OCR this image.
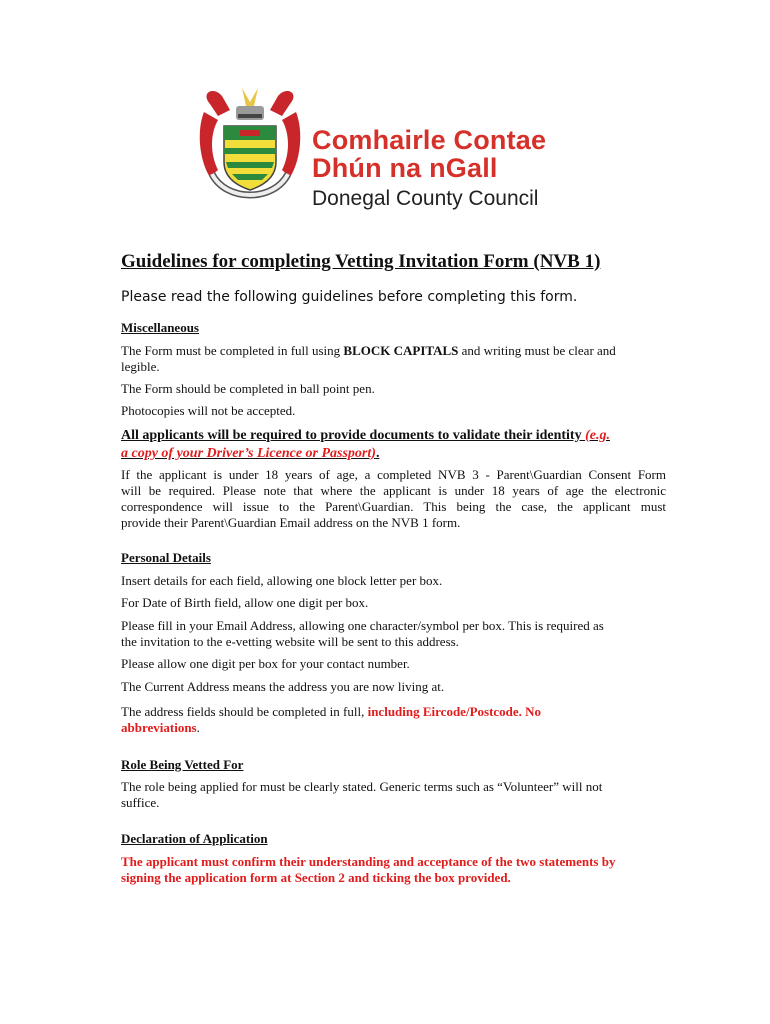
Comhairle Contae
Dhún na nGall
Donegal County Council
Guidelines for completing Vetting Invitation Form (NVB 1)
Please read the following guidelines before completing this form.
Miscellaneous
The Form must be completed in full using BLOCK CAPITALS and writing must be clear and
legible.
The Form should be completed in ball point pen.
Photocopies will not be accepted.
All applicants will be required to provide documents to validate their identity (e.g.
a copy of your Driver’s Licence or Passport).
If the applicant is under 18 years of age, a completed NVB 3 - Parent\Guardian Consent Form
will be required. Please note that where the applicant is under 18 years of age the electronic
correspondence will issue to the Parent\Guardian. This being the case, the applicant must
provide their Parent\Guardian Email address on the NVB 1 form.
Personal Details
Insert details for each field, allowing one block letter per box.
For Date of Birth field, allow one digit per box.
Please fill in your Email Address, allowing one character/symbol per box. This is required as
the invitation to the e-vetting website will be sent to this address.
Please allow one digit per box for your contact number.
The Current Address means the address you are now living at.
The address fields should be completed in full, including Eircode/Postcode. No
abbreviations.
Role Being Vetted For
The role being applied for must be clearly stated. Generic terms such as “Volunteer” will not
suffice.
Declaration of Application
The applicant must confirm their understanding and acceptance of the two statements by
signing the application form at Section 2 and ticking the box provided.
